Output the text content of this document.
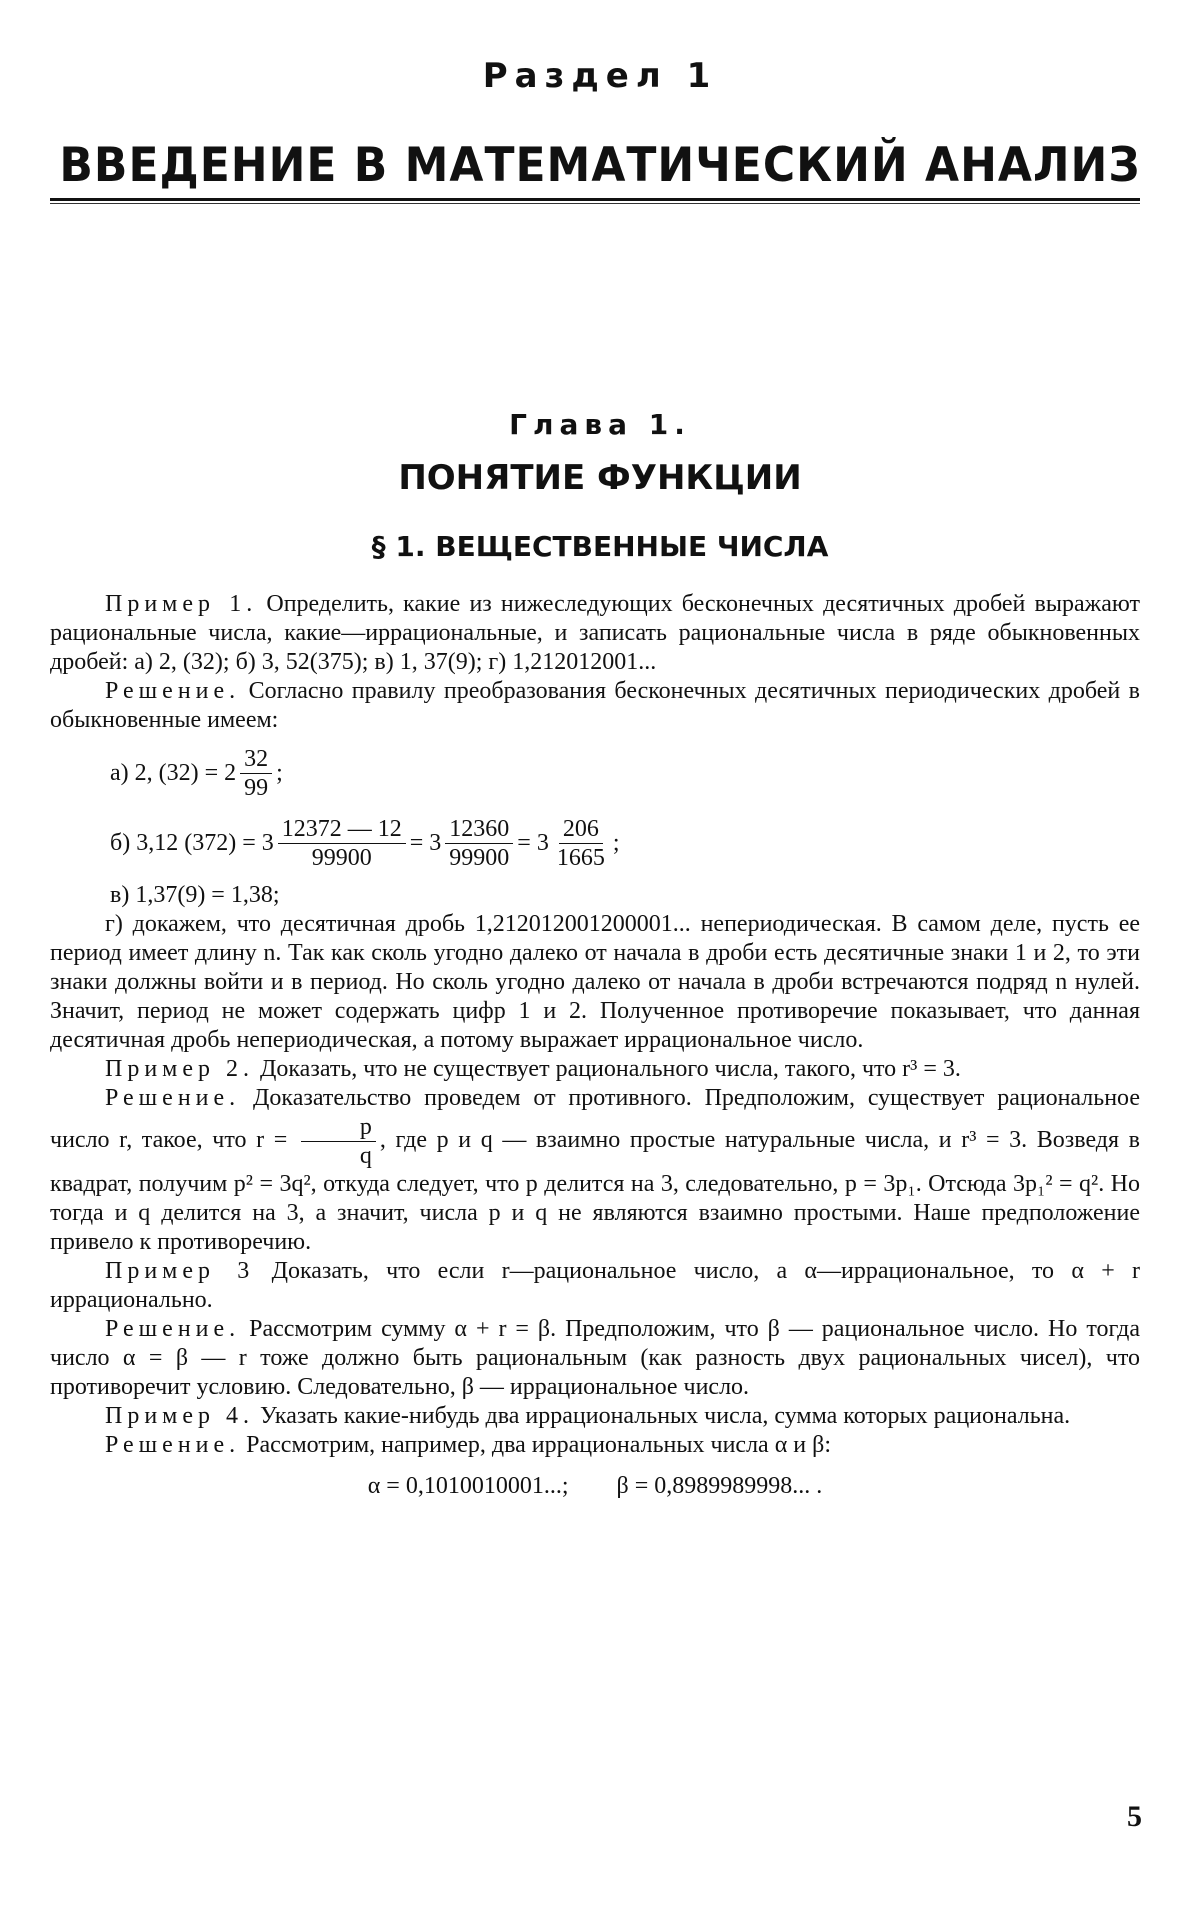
Раздел 1
ВВЕДЕНИЕ В МАТЕМАТИЧЕСКИЙ АНАЛИЗ
Глава 1.
ПОНЯТИЕ ФУНКЦИИ
§ 1. ВЕЩЕСТВЕННЫЕ ЧИСЛА

Пример 1. Определить, какие из нижеследующих бесконечных десятичных дробей выражают рациональные числа, какие—иррациональные, и записать рациональные числа в ряде обыкновенных дробей: а) 2, (32); б) 3, 52(375); в) 1, 37(9); г) 1,212012001...

Решение. Согласно правилу преобразования бесконечных десятичных периодических дробей в обыкновенные имеем:

а) 2, $(32) = 2 \frac{32}{99}$ ;
б) 3,12 $(372) = 3 \frac{12372 — 12}{99900} = 3 \frac{12360}{99900} = 3 \frac{206}{1665}$ ;
в) 1,37(9) = 1,38;

г) докажем, что десятичная дробь 1,212012001200001... непериодическая. В самом деле, пусть ее период имеет длину n. Так как сколь угодно далеко от начала в дроби есть десятичные знаки 1 и 2, то эти знаки должны войти и в период. Но сколь угодно далеко от начала в дроби встречаются подряд n нулей. Значит, период не может содержать цифр 1 и 2. Полученное противоречие показывает, что данная десятичная дробь непериодическая, а потому выражает иррациональное число.

Пример 2. Доказать, что не существует рационального числа, такого, что r³ = 3.

Решение. Доказательство проведем от противного. Предположим, существует рациональное число r, такое, что $r = \frac{p}{q}$ , где p и q — взаимно простые натуральные числа, и r³ = 3. Возведя в квадрат, получим p² = 3q², откуда следует, что p делится на 3, следовательно, p = 3p₁. Отсюда 3p₁² = q². Но тогда и q делится на 3, а значит, числа p и q не являются взаимно простыми. Наше предположение привело к противоречию.

Пример 3 Доказать, что если r—рациональное число, а α—иррациональное, то α + r иррационально.

Решение. Рассмотрим сумму α + r = β. Предположим, что β — рациональное число. Но тогда число α = β — r тоже должно быть рациональным (как разность двух рациональных чисел), что противоречит условию. Следовательно, β — иррациональное число.

Пример 4. Указать какие-нибудь два иррациональных числа, сумма которых рациональна.

Решение. Рассмотрим, например, два иррациональных числа α и β:

α = 0,1010010001...;        β = 0,8989989998... .
5
